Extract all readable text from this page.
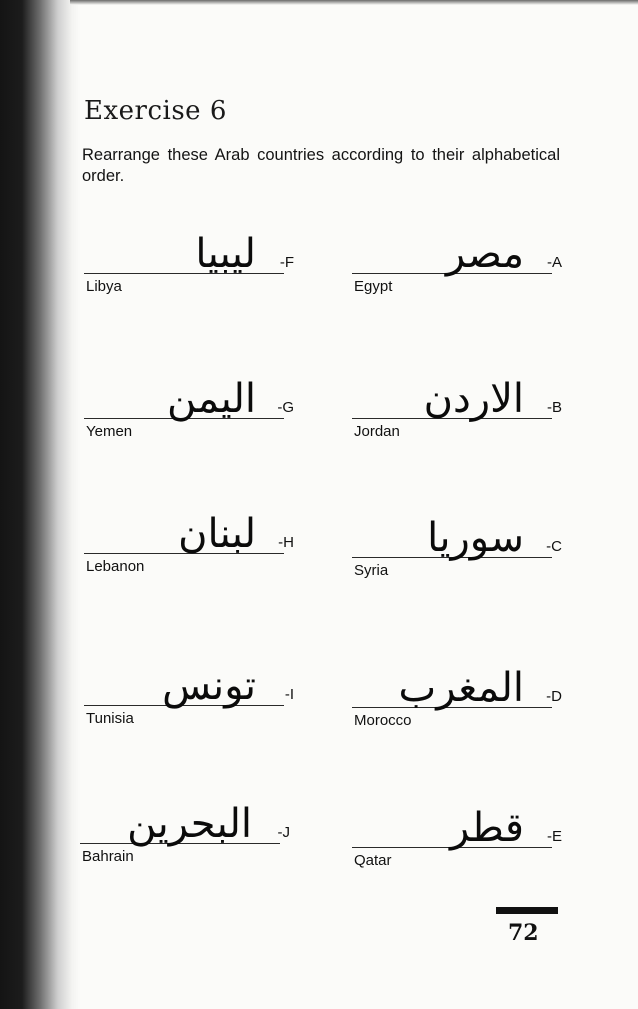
Exercise 6

Rearrange these Arab countries according to their alphabetical order.

ليبيا -F
Libya
اليمن -G
Yemen
لبنان -H
Lebanon
تونس -I
Tunisia
البحرين -J
Bahrain
مصر -A
Egypt
الاردن -B
Jordan
سوريا -C
Syria
المغرب -D
Morocco
قطر -E
Qatar
72
